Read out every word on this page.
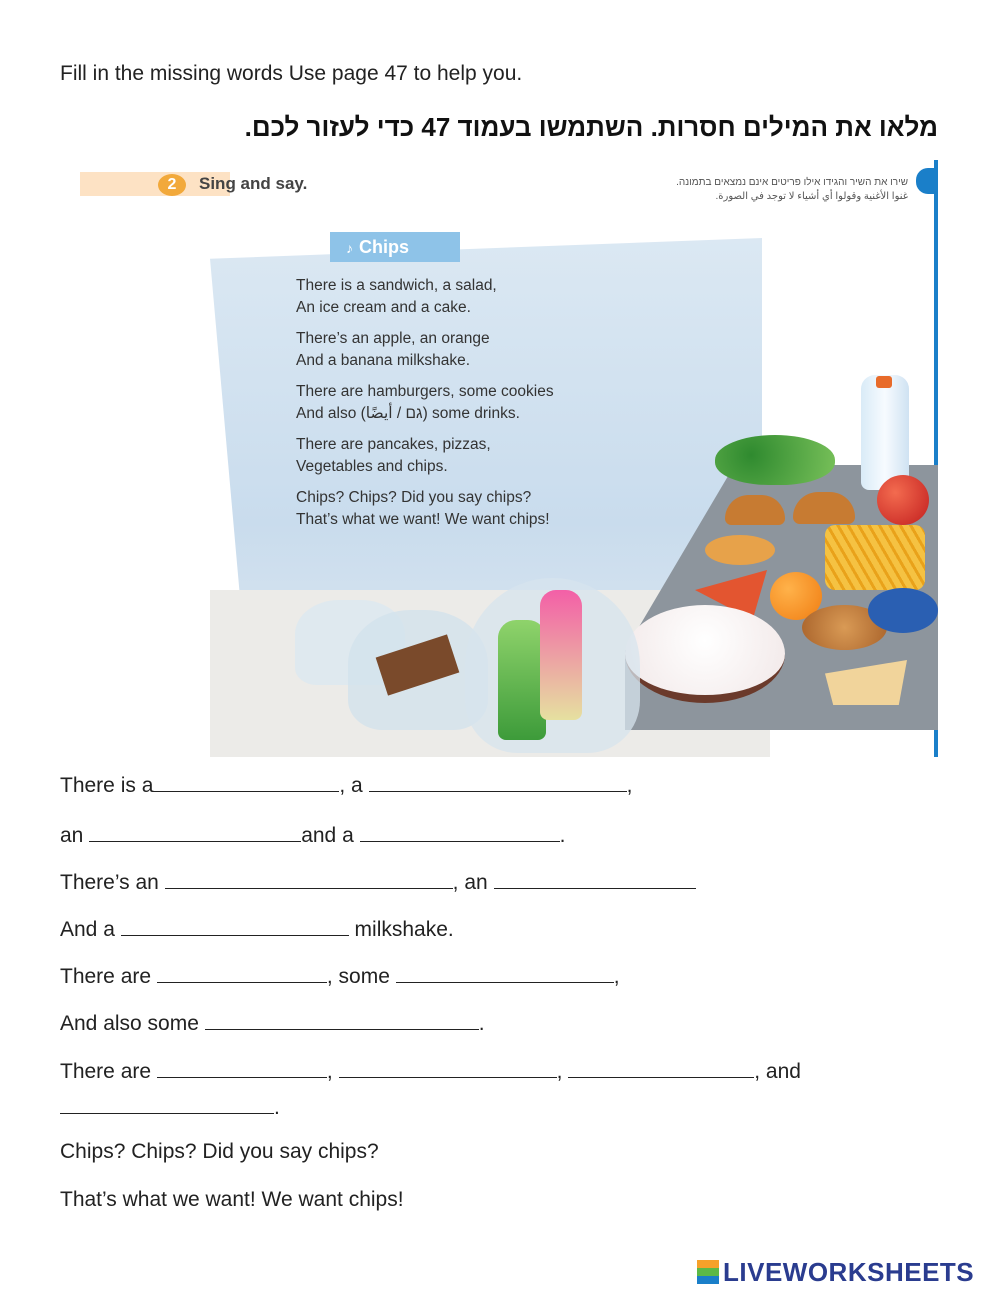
Fill in the missing words Use page 47 to help you.
מלאו את המילים חסרות. השתמשו בעמוד 47 כדי לעזור לכם.
2	Sing and say.	שירו את השיר והגידו אילו פריטים אינם נמצאים בתמונה.
غنوا الأغنية وقولوا أي أشياء لا توجد في الصورة.
♪ Chips

There is a sandwich, a salad,
An ice cream and a cake.

There’s an apple, an orange
And a banana milkshake.

There are hamburgers, some cookies
And also (גם / أيضًا) some drinks.

There are pancakes, pizzas,
Vegetables and chips.

Chips? Chips? Did you say chips?
That’s what we want! We want chips!

There is a	, a	,
an	and a	.
There’s an	, an
And a	milkshake.
There are	, some	,
And also some	.
There are	,	,	, and
.
Chips? Chips? Did you say chips?
That’s what we want! We want chips!
LIVEWORKSHEETS
